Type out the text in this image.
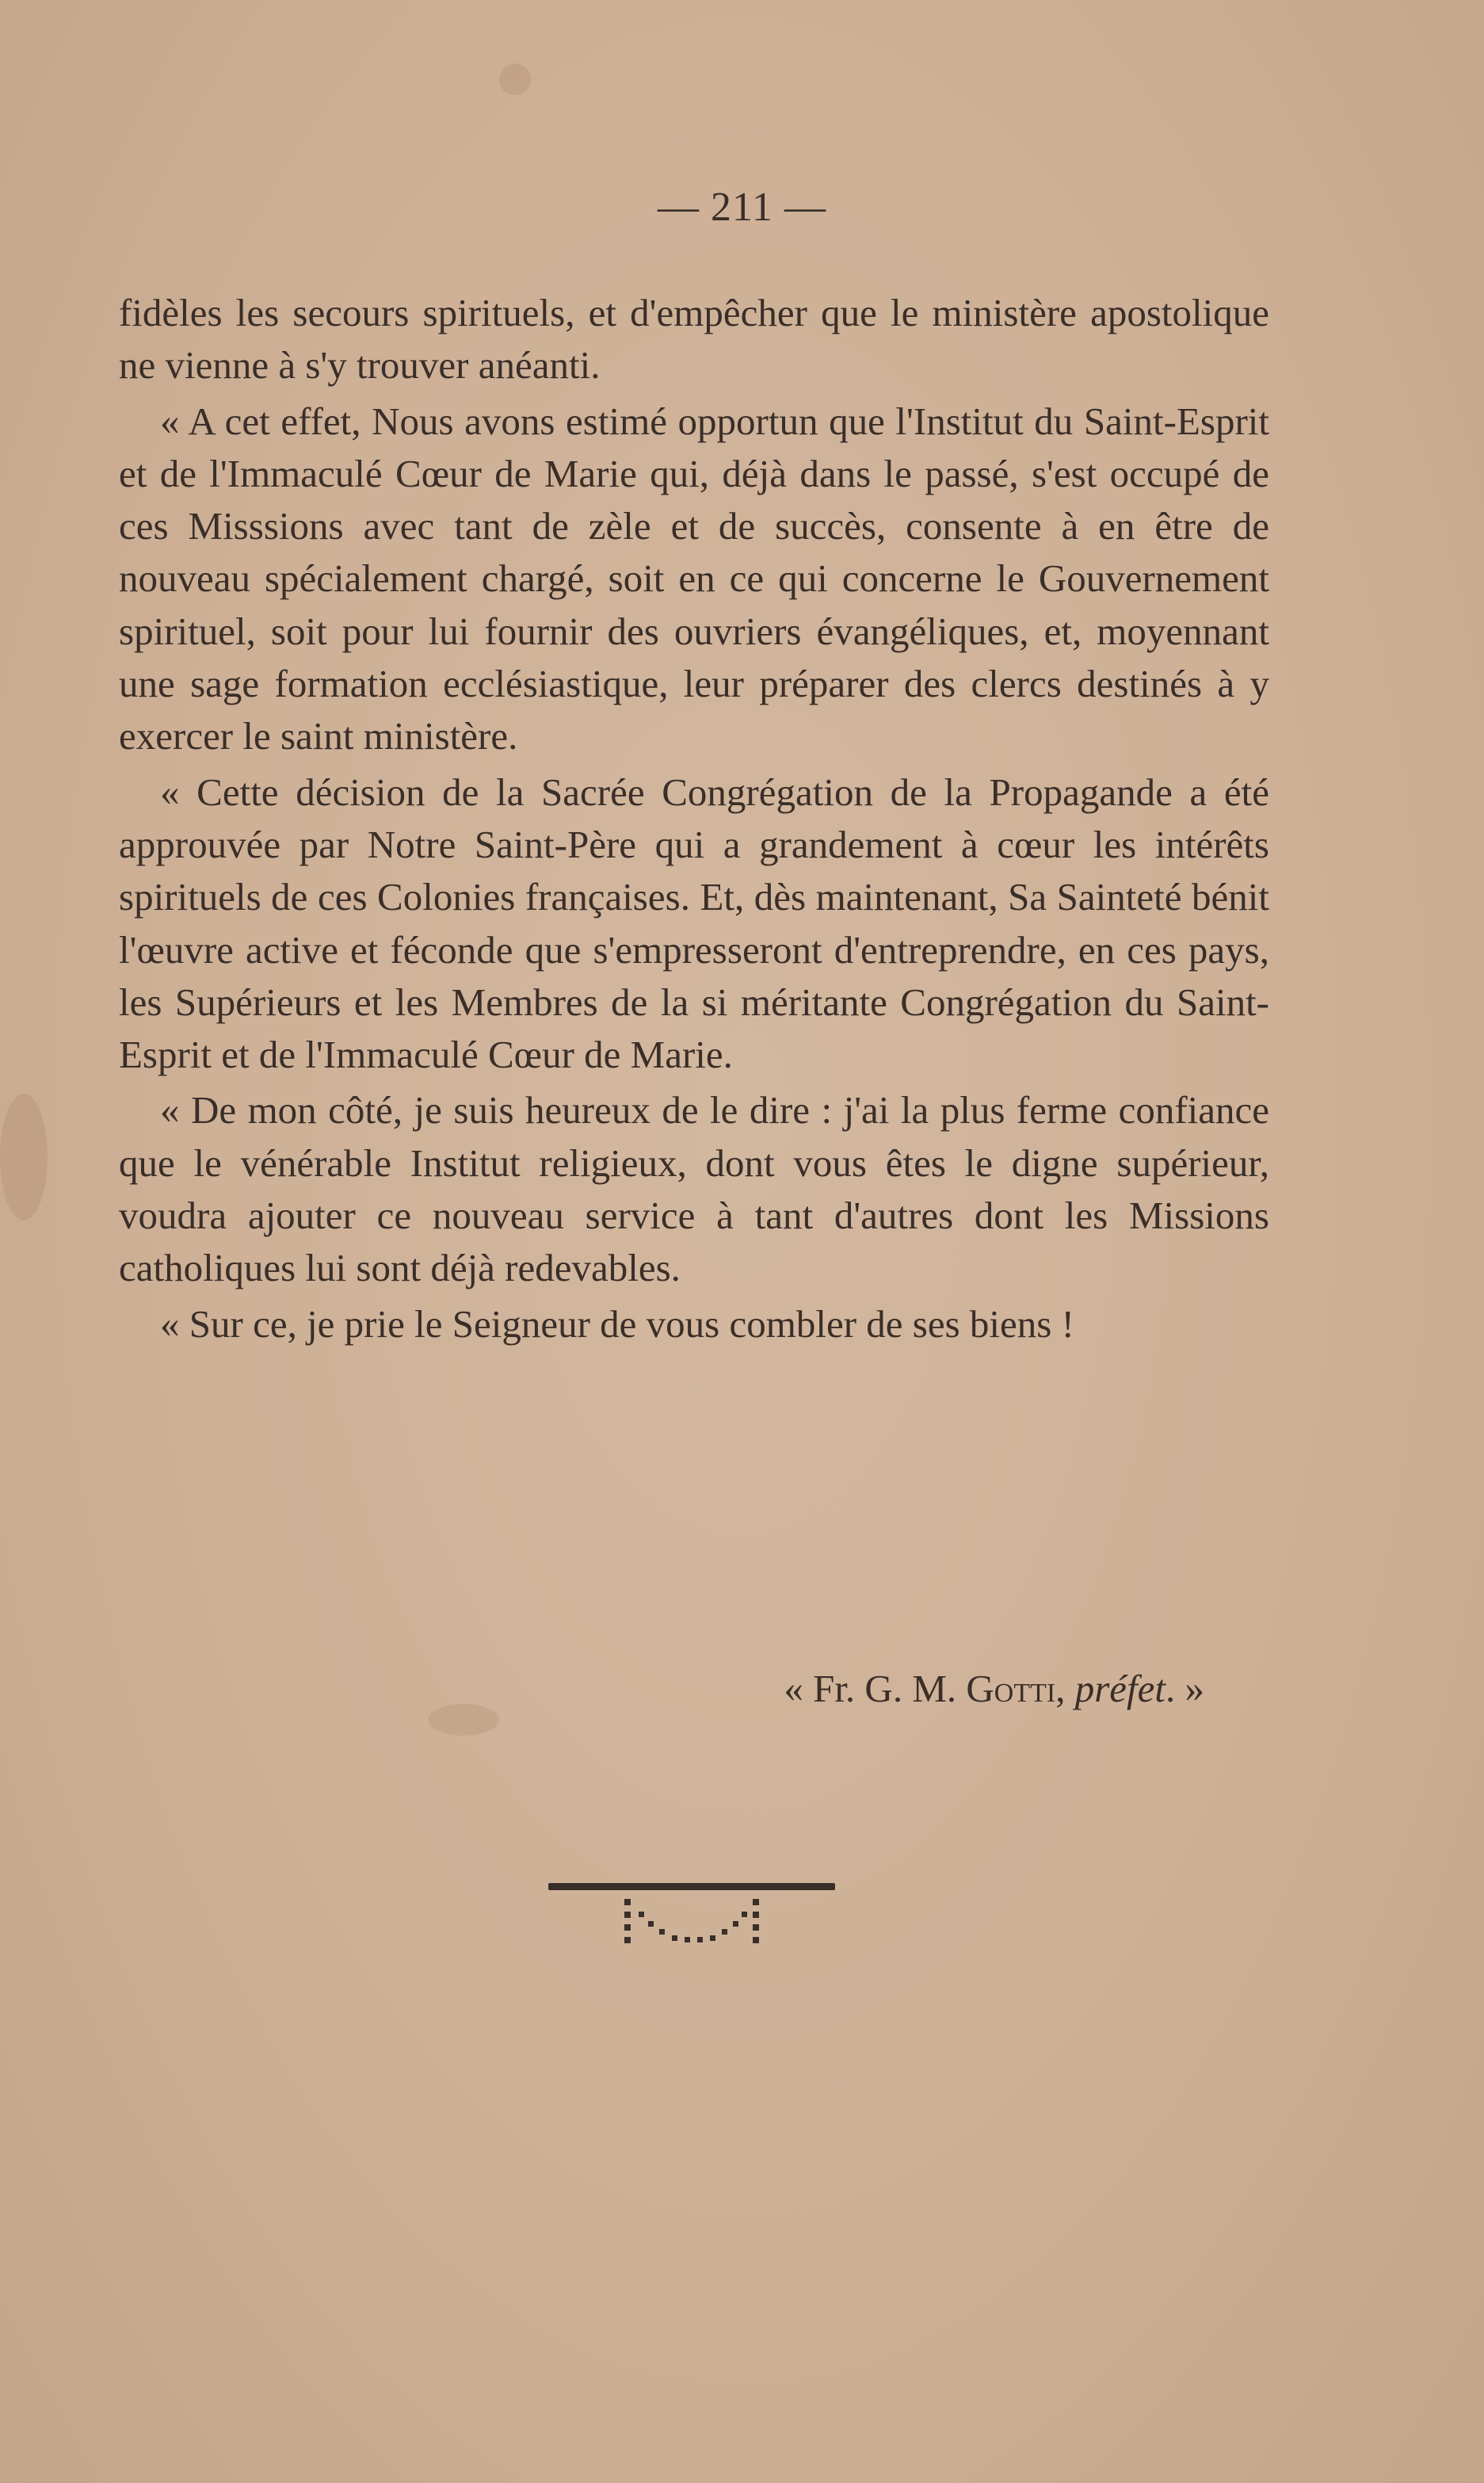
— 211 —

fidèles les secours spirituels, et d'empêcher que le ministère apostolique ne vienne à s'y trouver anéanti.

« A cet effet, Nous avons estimé opportun que l'Institut du Saint-Esprit et de l'Immaculé Cœur de Marie qui, déjà dans le passé, s'est occupé de ces Misssions avec tant de zèle et de succès, consente à en être de nouveau spécialement chargé, soit en ce qui concerne le Gouvernement spirituel, soit pour lui fournir des ouvriers évangéliques, et, moyennant une sage formation ecclésiastique, leur préparer des clercs destinés à y exercer le saint ministère.

« Cette décision de la Sacrée Congrégation de la Propagande a été approuvée par Notre Saint-Père qui a grandement à cœur les intérêts spirituels de ces Colonies françaises. Et, dès maintenant, Sa Sainteté bénit l'œuvre active et féconde que s'empresseront d'entreprendre, en ces pays, les Supérieurs et les Membres de la si méritante Congrégation du Saint-Esprit et de l'Immaculé Cœur de Marie.

« De mon côté, je suis heureux de le dire : j'ai la plus ferme confiance que le vénérable Institut religieux, dont vous êtes le digne supérieur, voudra ajouter ce nouveau service à tant d'autres dont les Missions catholiques lui sont déjà redevables.

« Sur ce, je prie le Seigneur de vous combler de ses biens !

« Fr. G. M. Gotti, préfet. »
